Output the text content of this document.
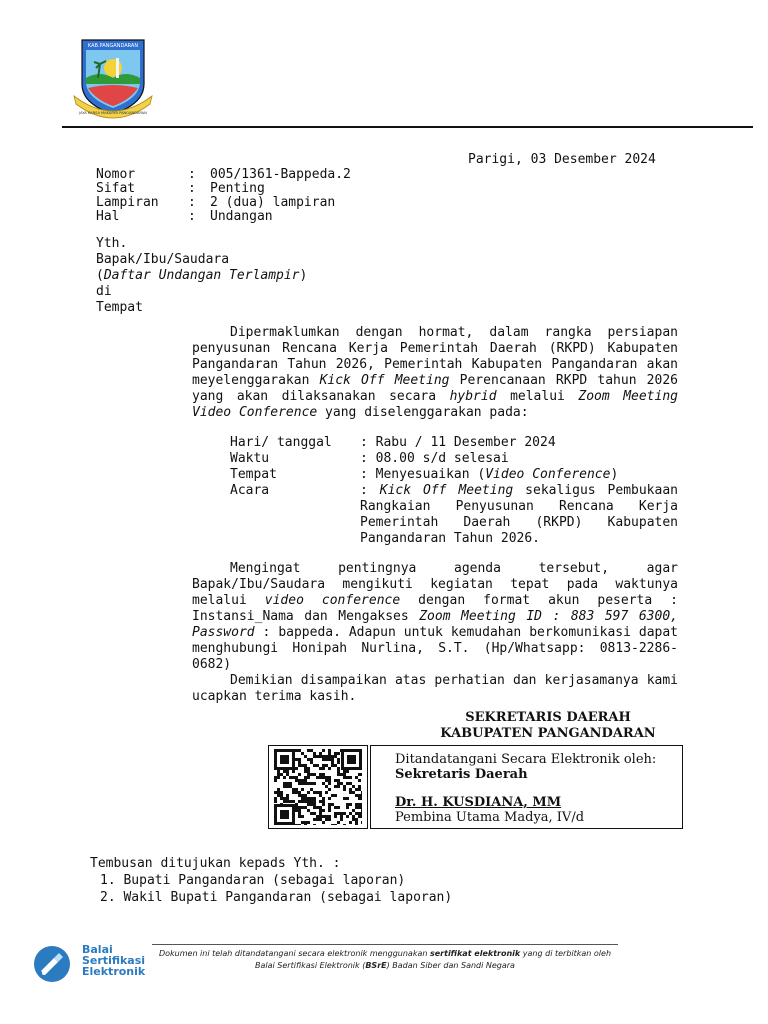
KAB.PANGANDARAN
JAYA KARSA MAKARYA PANGANDARAN
Parigi, 03 Desember 2024
Nomor	: 005/1361-Bappeda.2
Sifat	: Penting
Lampiran : 2 (dua) lampiran
Hal	: Undangan
Yth.
Bapak/Ibu/Saudara
(Daftar Undangan Terlampir)
di
Tempat

Dipermaklumkan dengan hormat, dalam rangka persiapan penyusunan Rencana Kerja Pemerintah Daerah (RKPD) Kabupaten Pangandaran Tahun 2026, Pemerintah Kabupaten Pangandaran akan meyelenggarakan Kick Off Meeting Perencanaan RKPD tahun 2026 yang akan dilaksanakan secara hybrid melalui Zoom Meeting Video Conference yang diselenggarakan pada:

Hari/ tanggal : Rabu / 11 Desember 2024
Waktu	: 08.00 s/d selesai
Tempat	: Menyesuaikan (Video Conference)
Acara	: Kick Off Meeting sekaligus Pembukaan Rangkaian Penyusunan Rencana Kerja Pemerintah Daerah (RKPD) Kabupaten Pangandaran Tahun 2026.

Mengingat pentingnya agenda tersebut, agar Bapak/Ibu/Saudara mengikuti kegiatan tepat pada waktunya melalui video conference dengan format akun peserta : Instansi_Nama dan Mengakses Zoom Meeting ID : 883 597 6300, Password : bappeda. Adapun untuk kemudahan berkomunikasi dapat menghubungi Honipah Nurlina, S.T. (Hp/Whatsapp: 0813-2286-0682)

Demikian disampaikan atas perhatian dan kerjasamanya kami ucapkan terima kasih.

SEKRETARIS DAERAH
KABUPATEN PANGANDARAN
Ditandatangani Secara Elektronik oleh:
Sekretaris Daerah
Dr. H. KUSDIANA, MM
Pembina Utama Madya, IV/d
Tembusan ditujukan kepads Yth. :
1. Bupati Pangandaran (sebagai laporan)
2. Wakil Bupati Pangandaran (sebagai laporan)
Balai
Sertifikasi
Elektronik
Dokumen ini telah ditandatangani secara elektronik menggunakan sertifikat elektronik yang di terbitkan oleh
Balai Sertifikasi Elektronik (BSrE) Badan Siber dan Sandi Negara
